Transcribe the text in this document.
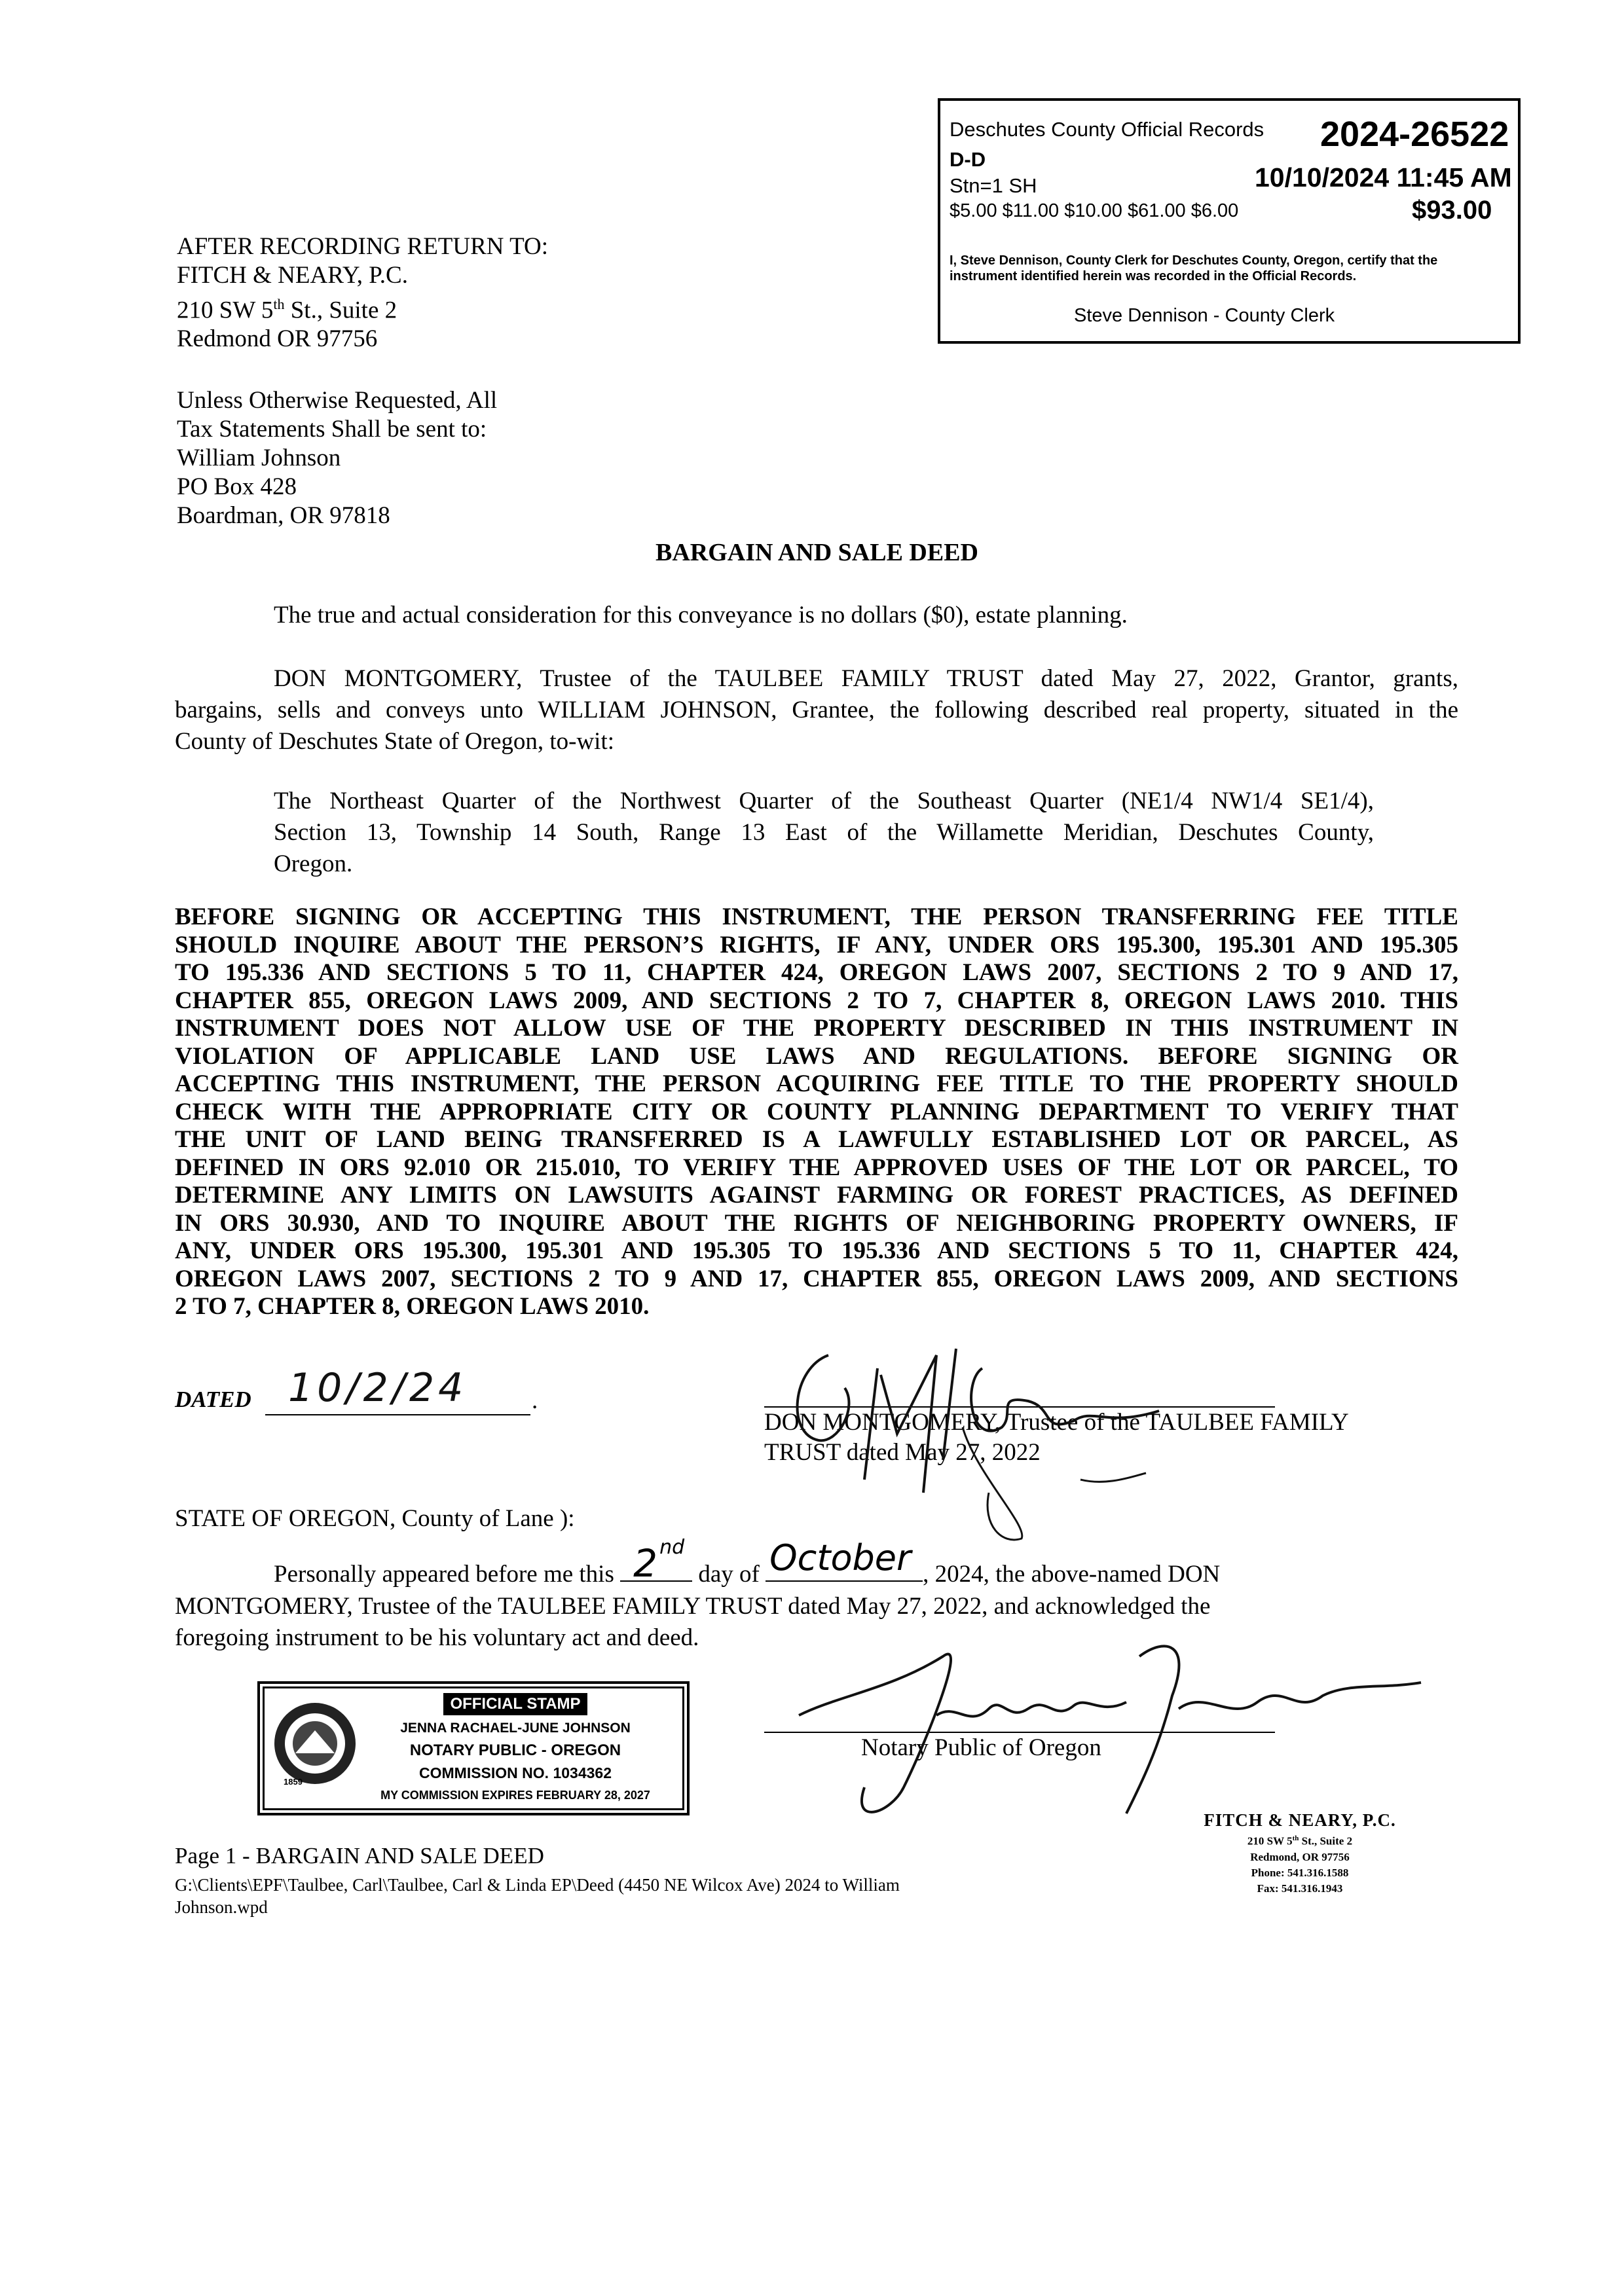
Deschutes County Official Records 2024-26522
D-D
Stn=1 SH	10/10/2024 11:45 AM
$5.00 $11.00 $10.00 $61.00 $6.00	$93.00
I, Steve Dennison, County Clerk for Deschutes County, Oregon, certify that the instrument identified herein was recorded in the Official Records.
Steve Dennison - County Clerk
AFTER RECORDING RETURN TO:
FITCH & NEARY, P.C.
210 SW 5th St., Suite 2
Redmond OR 97756
Unless Otherwise Requested, All
Tax Statements Shall be sent to:
William Johnson
PO Box 428
Boardman, OR 97818
BARGAIN AND SALE DEED
The true and actual consideration for this conveyance is no dollars ($0), estate planning.
DON MONTGOMERY, Trustee of the TAULBEE FAMILY TRUST dated May 27, 2022, Grantor, grants,
bargains, sells and conveys unto WILLIAM JOHNSON, Grantee, the following described real property, situated in the
County of Deschutes State of Oregon, to-wit:
The Northeast Quarter of the Northwest Quarter of the Southeast Quarter (NE1/4 NW1/4 SE1/4),
Section 13, Township 14 South, Range 13 East of the Willamette Meridian, Deschutes County,
Oregon.
BEFORE SIGNING OR ACCEPTING THIS INSTRUMENT, THE PERSON TRANSFERRING FEE TITLE
SHOULD INQUIRE ABOUT THE PERSON’S RIGHTS, IF ANY, UNDER ORS 195.300, 195.301 AND 195.305
TO 195.336 AND SECTIONS 5 TO 11, CHAPTER 424, OREGON LAWS 2007, SECTIONS 2 TO 9 AND 17,
CHAPTER 855, OREGON LAWS 2009, AND SECTIONS 2 TO 7, CHAPTER 8, OREGON LAWS 2010. THIS
INSTRUMENT DOES NOT ALLOW USE OF THE PROPERTY DESCRIBED IN THIS INSTRUMENT IN
VIOLATION OF APPLICABLE LAND USE LAWS AND REGULATIONS. BEFORE SIGNING OR
ACCEPTING THIS INSTRUMENT, THE PERSON ACQUIRING FEE TITLE TO THE PROPERTY SHOULD
CHECK WITH THE APPROPRIATE CITY OR COUNTY PLANNING DEPARTMENT TO VERIFY THAT
THE UNIT OF LAND BEING TRANSFERRED IS A LAWFULLY ESTABLISHED LOT OR PARCEL, AS
DEFINED IN ORS 92.010 OR 215.010, TO VERIFY THE APPROVED USES OF THE LOT OR PARCEL, TO
DETERMINE ANY LIMITS ON LAWSUITS AGAINST FARMING OR FOREST PRACTICES, AS DEFINED
IN ORS 30.930, AND TO INQUIRE ABOUT THE RIGHTS OF NEIGHBORING PROPERTY OWNERS, IF
ANY, UNDER ORS 195.300, 195.301 AND 195.305 TO 195.336 AND SECTIONS 5 TO 11, CHAPTER 424,
OREGON LAWS 2007, SECTIONS 2 TO 9 AND 17, CHAPTER 855, OREGON LAWS 2009, AND SECTIONS
2 TO 7, CHAPTER 8, OREGON LAWS 2010.
DATED 10/2/24	.
DON MONTGOMERY, Trustee of the TAULBEE FAMILY
TRUST dated May 27, 2022
STATE OF OREGON, County of Lane ):
Personally appeared before me this 2 nd
day of October , 2024, the above-named DON
MONTGOMERY, Trustee of the TAULBEE FAMILY TRUST dated May 27, 2022, and acknowledged the
foregoing instrument to be his voluntary act and deed.
1859
OFFICIAL STAMP
JENNA RACHAEL-JUNE JOHNSON
NOTARY PUBLIC - OREGON
COMMISSION NO. 1034362
MY COMMISSION EXPIRES FEBRUARY 28, 2027
Notary Public of Oregon
Page 1 - BARGAIN AND SALE DEED
G:\Clients\EPF\Taulbee, Carl\Taulbee, Carl & Linda EP\Deed (4450 NE Wilcox Ave) 2024 to William
Johnson.wpd
FITCH & NEARY, P.C.
210 SW 5th St., Suite 2
Redmond, OR 97756
Phone: 541.316.1588
Fax: 541.316.1943
